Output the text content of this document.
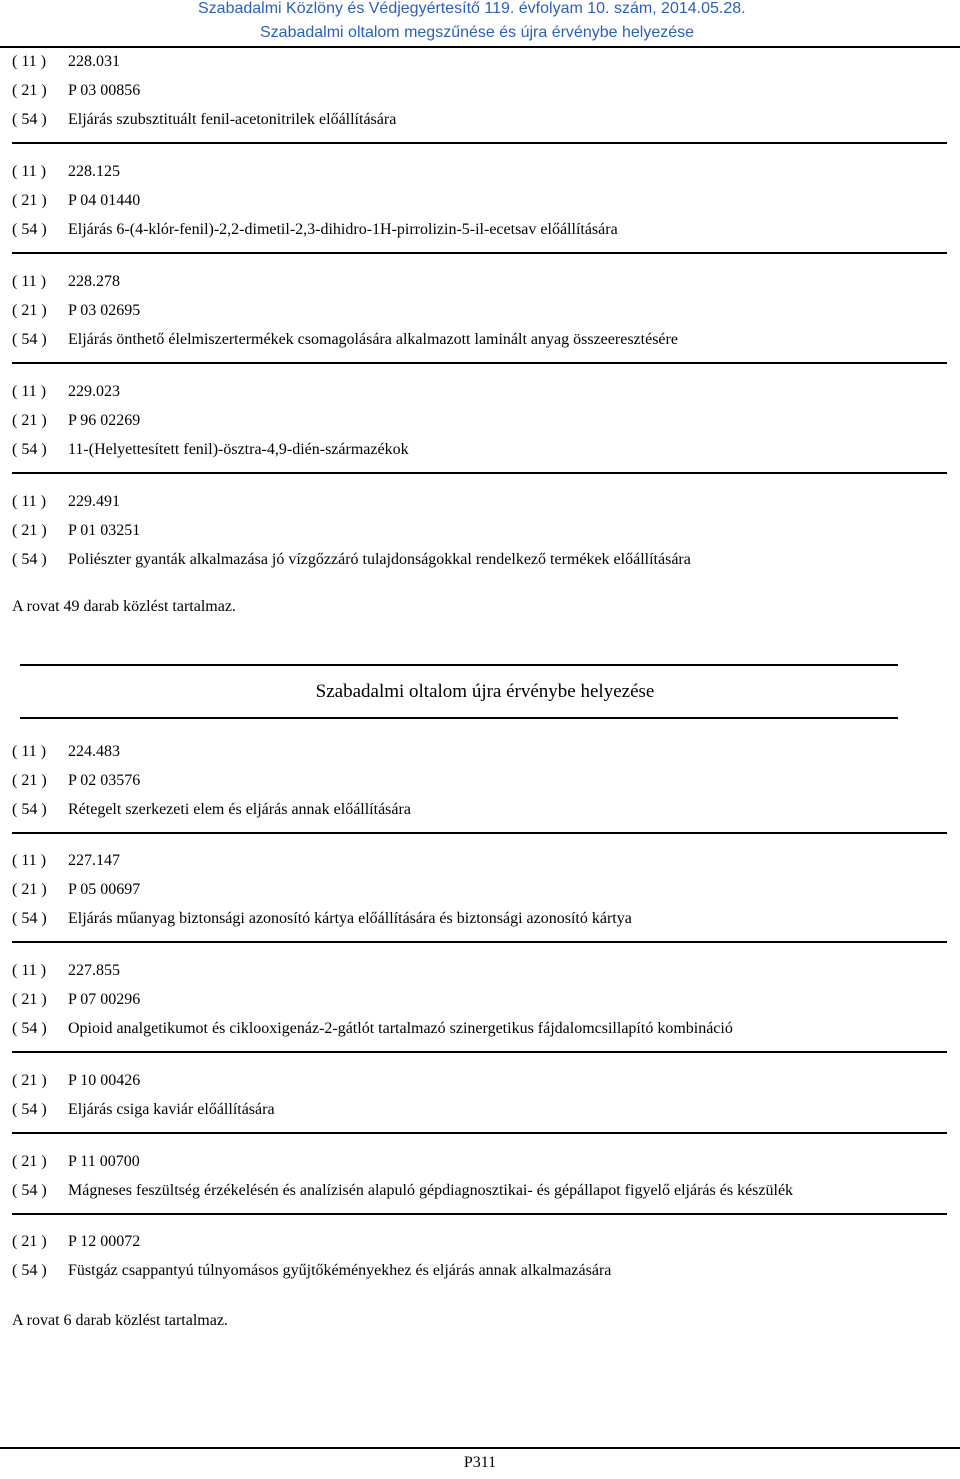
Szabadalmi Közlöny és Védjegyértesítő 119. évfolyam 10. szám, 2014.05.28.
Szabadalmi oltalom megszűnése és újra érvénybe helyezése
( 11 ) 228.031
( 21 ) P 03 00856
( 54 ) Eljárás szubsztituált fenil-acetonitrilek előállítására
( 11 ) 228.125
( 21 ) P 04 01440
( 54 ) Eljárás 6-(4-klór-fenil)-2,2-dimetil-2,3-dihidro-1H-pirrolizin-5-il-ecetsav előállítására
( 11 ) 228.278
( 21 ) P 03 02695
( 54 ) Eljárás önthető élelmiszertermékek csomagolására alkalmazott laminált anyag összeeresztésére
( 11 ) 229.023
( 21 ) P 96 02269
( 54 ) 11-(Helyettesített fenil)-ösztra-4,9-dién-származékok
( 11 ) 229.491
( 21 ) P 01 03251
( 54 ) Poliészter gyanták alkalmazása jó vízgőzzáró tulajdonságokkal rendelkező termékek előállítására
A rovat 49 darab közlést tartalmaz.
Szabadalmi oltalom újra érvénybe helyezése
( 11 ) 224.483
( 21 ) P 02 03576
( 54 ) Rétegelt szerkezeti elem és eljárás annak előállítására
( 11 ) 227.147
( 21 ) P 05 00697
( 54 ) Eljárás műanyag biztonsági azonosító kártya előállítására és biztonsági azonosító kártya
( 11 ) 227.855
( 21 ) P 07 00296
( 54 ) Opioid analgetikumot és ciklooxigenáz-2-gátlót tartalmazó szinergetikus fájdalomcsillapító kombináció
( 21 ) P 10 00426
( 54 ) Eljárás csiga kaviár előállítására
( 21 ) P 11 00700
( 54 ) Mágneses feszültség érzékelésén és analízisén alapuló gépdiagnosztikai- és gépállapot figyelő eljárás és készülék
( 21 ) P 12 00072
( 54 ) Füstgáz csappantyú túlnyomásos gyűjtőkéményekhez és eljárás annak alkalmazására
A rovat 6 darab közlést tartalmaz.
P311
